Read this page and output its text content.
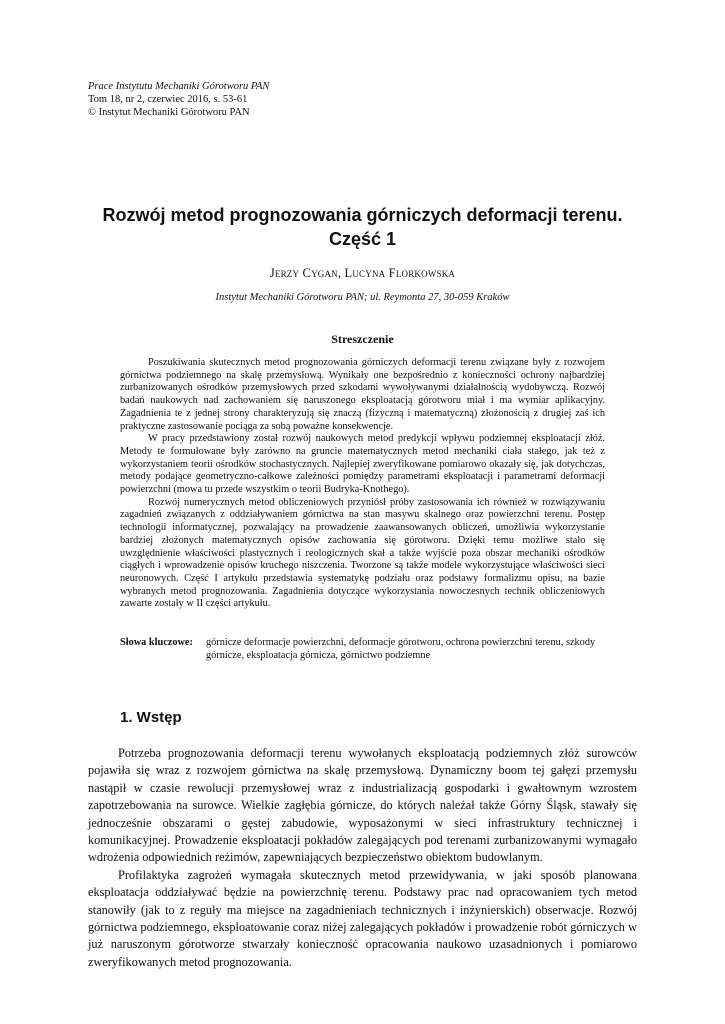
Prace Instytutu Mechaniki Górotworu PAN
Tom 18, nr 2, czerwiec 2016, s. 53-61
© Instytut Mechaniki Górotworu PAN
Rozwój metod prognozowania górniczych deformacji terenu.
Część 1
Jerzy Cygan, Lucyna Florkowska
Instytut Mechaniki Górotworu PAN; ul. Reymonta 27, 30-059 Kraków
Streszczenie

Poszukiwania skutecznych metod prognozowania górniczych deformacji terenu związane były z rozwojem górnictwa podziemnego na skalę przemysłową. Wynikały one bezpośrednio z konieczności ochrony najbardziej zurbanizowanych ośrodków przemysłowych przed szkodami wywoływanymi działalnością wydobywczą. Rozwój badań naukowych nad zachowaniem się naruszonego eksploatacją górotworu miał i ma wymiar aplikacyjny. Zagadnienia te z jednej strony charakteryzują się znaczą (fizyczną i matematyczną) złożonością z drugiej zaś ich praktyczne zastosowanie pociąga za sobą poważne konsekwencje.

W pracy przedstawiony został rozwój naukowych metod predykcji wpływu podziemnej eksploatacji złóż. Metody te formułowane były zarówno na gruncie matematycznych metod mechaniki ciała stałego, jak też z wykorzystaniem teorii ośrodków stochastycznych. Najlepiej zweryfikowane pomiarowo okazały się, jak dotychczas, metody podające geometryczno-całkowe zależności pomiędzy parametrami eksploatacji i parametrami deformacji powierzchni (mowa tu przede wszystkim o teorii Budryka-Knothego).

Rozwój numerycznych metod obliczeniowych przyniósł próby zastosowania ich również w rozwiązywaniu zagadnień związanych z oddziaływaniem górnictwa na stan masywu skalnego oraz powierzchni terenu. Postęp technologii informatycznej, pozwalający na prowadzenie zaawansowanych obliczeń, umożliwia wykorzystanie bardziej złożonych matematycznych opisów zachowania się górotworu. Dzięki temu możliwe stało się uwzględnienie właściwości plastycznych i reologicznych skał a także wyjście poza obszar mechaniki ośrodków ciągłych i wprowadzenie opisów kruchego niszczenia. Tworzone są także modele wykorzystujące właściwości sieci neuronowych. Część I artykułu przedstawia systematykę podziału oraz podstawy formalizmu opisu, na bazie wybranych metod prognozowania. Zagadnienia dotyczące wykorzystania nowoczesnych technik obliczeniowych zawarte zostały w II części artykułu.

Słowa kluczowe:	górnicze deformacje powierzchni, deformacje górotworu, ochrona powierzchni terenu, szkody górnicze, eksploatacja górnicza, górnictwo podziemne
1. Wstęp

Potrzeba prognozowania deformacji terenu wywołanych eksploatacją podziemnych złóż surowców pojawiła się wraz z rozwojem górnictwa na skalę przemysłową. Dynamiczny boom tej gałęzi przemysłu nastąpił w czasie rewolucji przemysłowej wraz z industrializacją gospodarki i gwałtownym wzrostem zapotrzebowania na surowce. Wielkie zagłębia górnicze, do których należał także Górny Śląsk, stawały się jednocześnie obszarami o gęstej zabudowie, wyposażonymi w sieci infrastruktury technicznej i komunikacyjnej. Prowadzenie eksploatacji pokładów zalegających pod terenami zurbanizowanymi wymagało wdrożenia odpowiednich reżimów, zapewniających bezpieczeństwo obiektom budowlanym.

Profilaktyka zagrożeń wymagała skutecznych metod przewidywania, w jaki sposób planowana eksploatacja oddziaływać będzie na powierzchnię terenu. Podstawy prac nad opracowaniem tych metod stanowiły (jak to z reguły ma miejsce na zagadnieniach technicznych i inżynierskich) obserwacje. Rozwój górnictwa podziemnego, eksploatowanie coraz niżej zalegających pokładów i prowadzenie robót górniczych w już naruszonym górotworze stwarzały konieczność opracowania naukowo uzasadnionych i pomiarowo zweryfikowanych metod prognozowania.
